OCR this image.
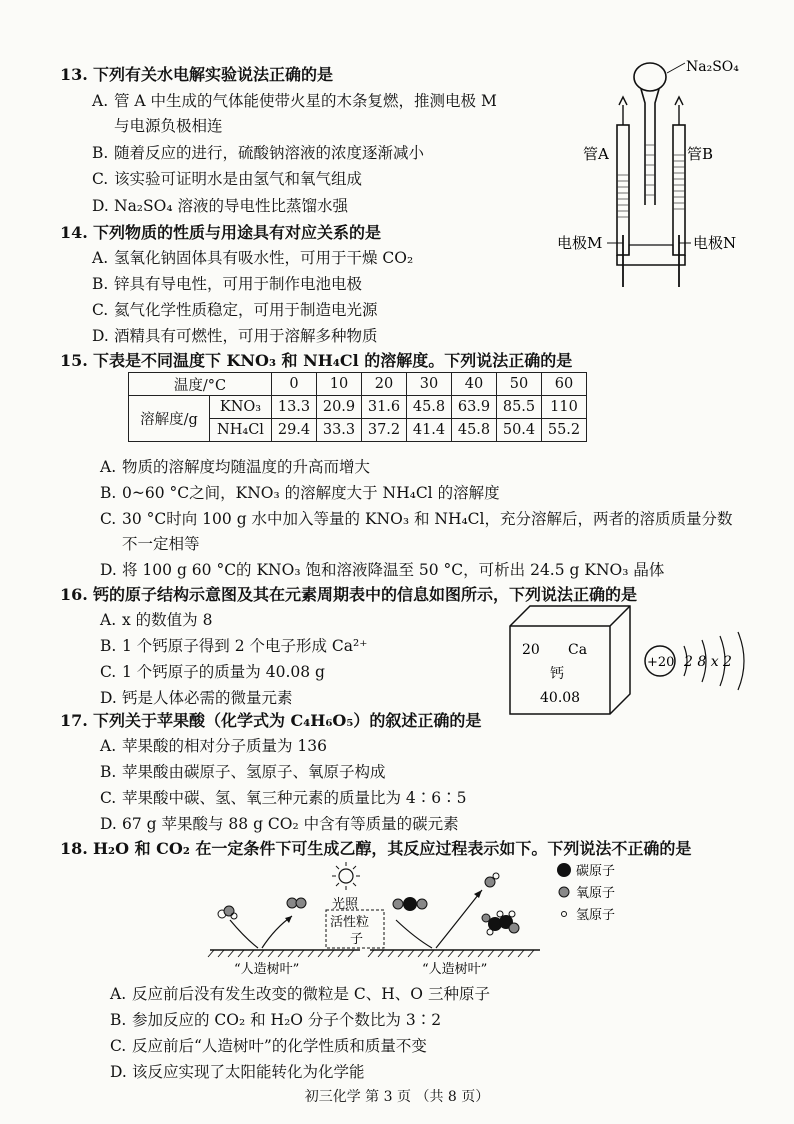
13. 下列有关水电解实验说法正确的是
A. 管 A 中生成的气体能使带火星的木条复燃，推测电极 M
与电源负极相连
B. 随着反应的进行，硫酸钠溶液的浓度逐渐减小
C. 该实验可证明水是由氢气和氧气组成
D. Na₂SO₄ 溶液的导电性比蒸馏水强
Na₂SO₄
管A	管B
电极M	电极N
14. 下列物质的性质与用途具有对应关系的是
A. 氢氧化钠固体具有吸水性，可用于干燥 CO₂
B. 锌具有导电性，可用于制作电池电极
C. 氦气化学性质稳定，可用于制造电光源
D. 酒精具有可燃性，可用于溶解多种物质
15. 下表是不同温度下 KNO₃ 和 NH₄Cl 的溶解度。下列说法正确的是
温度/°C		0	10	20	30	40	50	60
溶解度/g	KNO₃	13.3	20.9	31.6	45.8	63.9	85.5	110
	NH₄Cl	29.4	33.3	37.2	41.4	45.8	50.4	55.2
A. 物质的溶解度均随温度的升高而增大
B. 0~60 °C之间，KNO₃ 的溶解度大于 NH₄Cl 的溶解度
C. 30 °C时向 100 g 水中加入等量的 KNO₃ 和 NH₄Cl，充分溶解后，两者的溶质质量分数
不一定相等
D. 将 100 g 60 °C的 KNO₃ 饱和溶液降温至 50 °C，可析出 24.5 g KNO₃ 晶体
16. 钙的原子结构示意图及其在元素周期表中的信息如图所示，下列说法正确的是
A. x 的数值为 8
B. 1 个钙原子得到 2 个电子形成 Ca²⁺
C. 1 个钙原子的质量为 40.08 g
D. 钙是人体必需的微量元素
20 Ca
钙
40.08
+20 2 8 x 2
17. 下列关于苹果酸（化学式为 C₄H₆O₅）的叙述正确的是
A. 苹果酸的相对分子质量为 136
B. 苹果酸由碳原子、氢原子、氧原子构成
C. 苹果酸中碳、氢、氧三种元素的质量比为 4∶6∶5
D. 67 g 苹果酸与 88 g CO₂ 中含有等质量的碳元素
18. H₂O 和 CO₂ 在一定条件下可生成乙醇，其反应过程表示如下。下列说法不正确的是
光照
活性粒
子
“人造树叶”	“人造树叶”
碳原子
氧原子
氢原子
A. 反应前后没有发生改变的微粒是 C、H、O 三种原子
B. 参加反应的 CO₂ 和 H₂O 分子个数比为 3∶2
C. 反应前后“人造树叶”的化学性质和质量不变
D. 该反应实现了太阳能转化为化学能
初三化学 第 3 页 （共 8 页）
